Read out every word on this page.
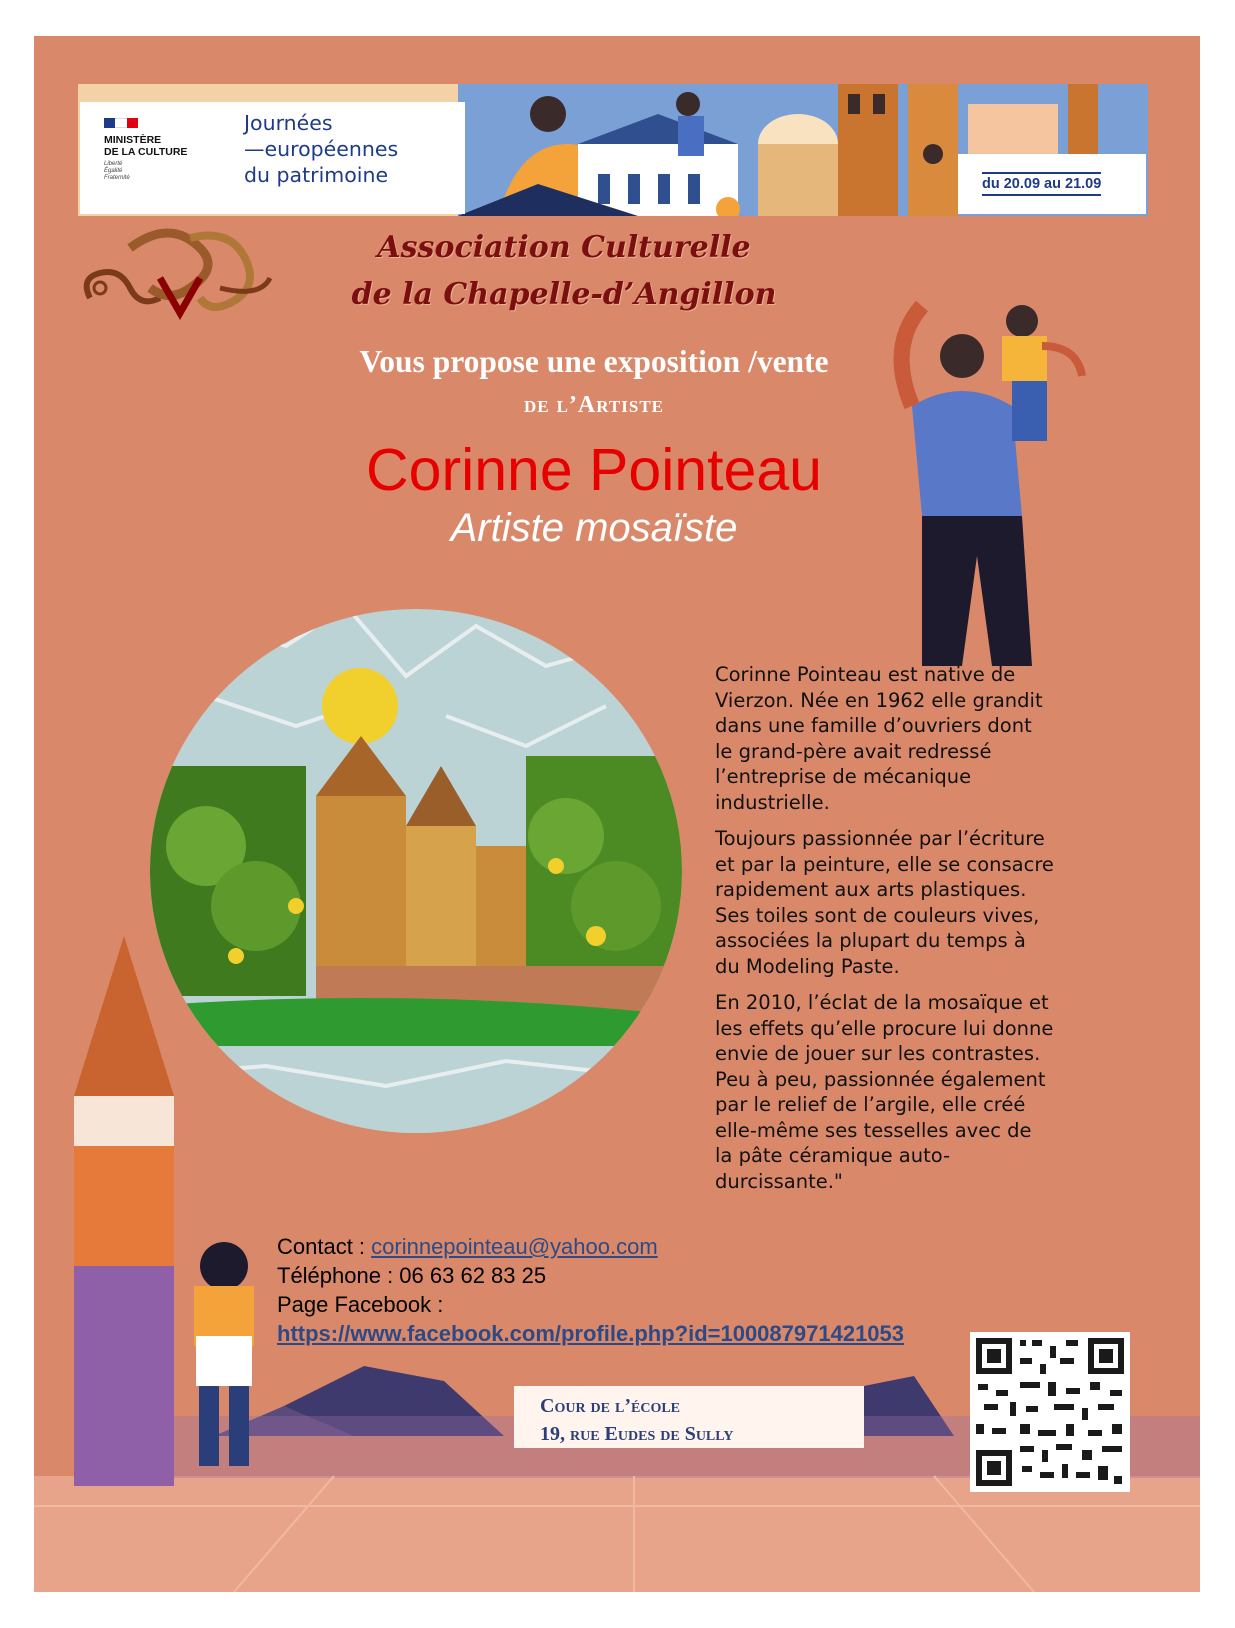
MINISTÈRE
DE LA CULTURE
Liberté
Égalité
Fraternité
Journées
—européennes
du patrimoine	du 20.09 au 21.09
Association Culturelle
de la Chapelle-d’Angillon
Vous propose une exposition /vente
de l’Artiste
Corinne Pointeau
Artiste mosaïste

Corinne Pointeau est native de Vierzon. Née en 1962 elle grandit dans une famille d’ouvriers dont le grand-père avait redressé l’entreprise de mécanique industrielle.

Toujours passionnée par l’écriture et par la peinture, elle se consacre rapidement aux arts plastiques. Ses toiles sont de couleurs vives, associées la plupart du temps à du Modeling Paste.

En 2010, l’éclat de la mosaïque et les effets qu’elle procure lui donne envie de jouer sur les contrastes. Peu à peu, passionnée également par le relief de l’argile, elle créé elle-même ses tesselles avec de la pâte céramique auto-durcissante."

Contact : corinnepointeau@yahoo.com
Téléphone : 06 63 62 83 25
Page Facebook :
https://www.facebook.com/profile.php?id=100087971421053
Cour de l’école
19, rue Eudes de Sully
